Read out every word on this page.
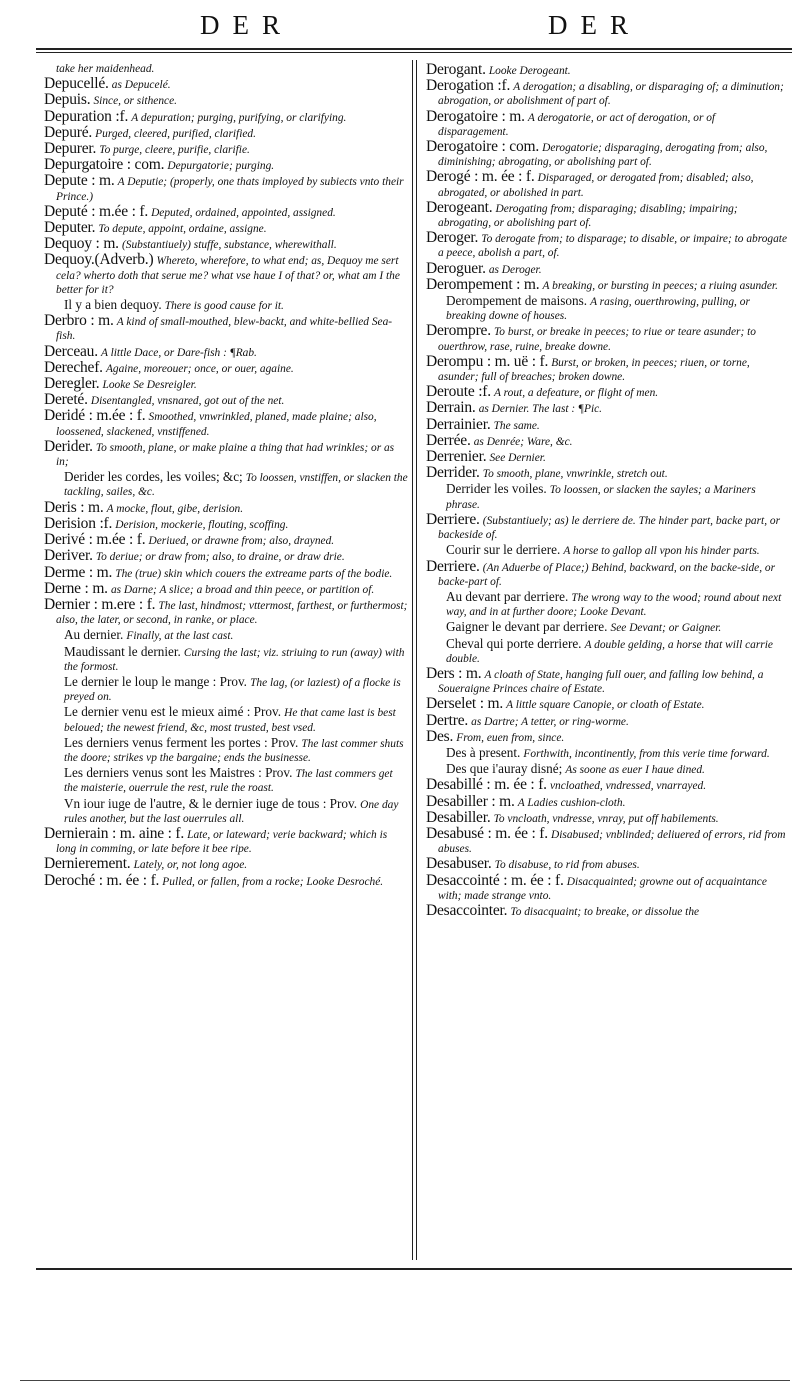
DER	DER
take her maidenhead.
Depucellé. as Depucelé.
Depuis. Since, or sithence.
Depuration :f. A depuration; purging, purifying, or clarifying.
Depuré. Purged, cleered, purified, clarified.
Depurer. To purge, cleere, purifie, clarifie.
Depurgatoire : com. Depurgatorie; purging.
Depute : m. A Deputie; (properly, one thats imployed by subiects vnto their Prince.)
Deputé : m.ée : f. Deputed, ordained, appointed, assigned.
Deputer. To depute, appoint, ordaine, assigne.
Dequoy : m. (Substantiuely) stuffe, substance, wherewithall.
Dequoy.(Adverb.) Whereto, wherefore, to what end; as, Dequoy me sert cela? wherto doth that serue me? what vse haue I of that? or, what am I the better for it?
Il y a bien dequoy. There is good cause for it.
Derbro : m. A kind of small-mouthed, blew-backt, and white-bellied Sea-fish.
Derceau. A little Dace, or Dare-fish : ¶Rab.
Derechef. Againe, moreouer; once, or ouer, againe.
Deregler. Looke Se Desreigler.
Dereté. Disentangled, vnsnared, got out of the net.
Deridé : m.ée : f. Smoothed, vnwrinkled, planed, made plaine; also, loossened, slackened, vnstiffened.
Derider. To smooth, plane, or make plaine a thing that had wrinkles; or as in;
Derider les cordes, les voiles; &c; To loossen, vnstiffen, or slacken the tackling, sailes, &c.
Deris : m. A mocke, flout, gibe, derision.
Derision :f. Derision, mockerie, flouting, scoffing.
Derivé : m.ée : f. Deriued, or drawne from; also, drayned.
Deriver. To deriue; or draw from; also, to draine, or draw drie.
Derme : m. The (true) skin which couers the extreame parts of the bodie.
Derne : m. as Darne; A slice; a broad and thin peece, or partition of.
Dernier : m.ere : f. The last, hindmost; vttermost, farthest, or furthermost; also, the later, or second, in ranke, or place.
Au dernier. Finally, at the last cast.
Maudissant le dernier. Cursing the last; viz. striuing to run (away) with the formost.
Le dernier le loup le mange : Prov. The lag, (or laziest) of a flocke is preyed on.
Le dernier venu est le mieux aimé : Prov. He that came last is best beloued; the newest friend, &c, most trusted, best vsed.
Les derniers venus ferment les portes : Prov. The last commer shuts the doore; strikes vp the bargaine; ends the businesse.
Les derniers venus sont les Maistres : Prov. The last commers get the maisterie, ouerrule the rest, rule the roast.
Vn iour iuge de l'autre, & le dernier iuge de tous : Prov. One day rules another, but the last ouerrules all.
Dernierain : m. aine : f. Late, or lateward; verie backward; which is long in comming, or late before it bee ripe.
Dernierement. Lately, or, not long agoe.
Deroché : m. ée : f. Pulled, or fallen, from a rocke; Looke Desroché.
Derogant. Looke Derogeant.
Derogation :f. A derogation; a disabling, or disparaging of; a diminution; abrogation, or abolishment of part of.
Derogatoire : m. A derogatorie, or act of derogation, or of disparagement.
Derogatoire : com. Derogatorie; disparaging, derogating from; also, diminishing; abrogating, or abolishing part of.
Derogé : m. ée : f. Disparaged, or derogated from; disabled; also, abrogated, or abolished in part.
Derogeant. Derogating from; disparaging; disabling; impairing; abrogating, or abolishing part of.
Deroger. To derogate from; to disparage; to disable, or impaire; to abrogate a peece, abolish a part, of.
Deroguer. as Deroger.
Derompement : m. A breaking, or bursting in peeces; a riuing asunder.
Derompement de maisons. A rasing, ouerthrowing, pulling, or breaking downe of houses.
Derompre. To burst, or breake in peeces; to riue or teare asunder; to ouerthrow, rase, ruine, breake downe.
Derompu : m. uë : f. Burst, or broken, in peeces; riuen, or torne, asunder; full of breaches; broken downe.
Deroute :f. A rout, a defeature, or flight of men.
Derrain. as Dernier. The last : ¶Pic.
Derrainier. The same.
Derrée. as Denrée; Ware, &c.
Derrenier. See Dernier.
Derrider. To smooth, plane, vnwrinkle, stretch out.
Derrider les voiles. To loossen, or slacken the sayles; a Mariners phrase.
Derriere. (Substantiuely; as) le derriere de. The hinder part, backe part, or backeside of.
Courir sur le derriere. A horse to gallop all vpon his hinder parts.
Derriere. (An Aduerbe of Place;) Behind, backward, on the backe-side, or backe-part of.
Au devant par derriere. The wrong way to the wood; round about next way, and in at further doore; Looke Devant.
Gaigner le devant par derriere. See Devant; or Gaigner.
Cheval qui porte derriere. A double gelding, a horse that will carrie double.
Ders : m. A cloath of State, hanging full ouer, and falling low behind, a Soueraigne Princes chaire of Estate.
Derselet : m. A little square Canopie, or cloath of Estate.
Dertre. as Dartre; A tetter, or ring-worme.
Des. From, euen from, since.
Des à present. Forthwith, incontinently, from this verie time forward.
Des que i'auray disné; As soone as euer I haue dined.
Desabillé : m. ée : f. vncloathed, vndressed, vnarrayed.
Desabiller : m. A Ladies cushion-cloth.
Desabiller. To vncloath, vndresse, vnray, put off habilements.
Desabusé : m. ée : f. Disabused; vnblinded; deliuered of errors, rid from abuses.
Desabuser. To disabuse, to rid from abuses.
Desaccointé : m. ée : f. Disacquainted; growne out of acquaintance with; made strange vnto.
Desaccointer. To disacquaint; to breake, or dissolue the
